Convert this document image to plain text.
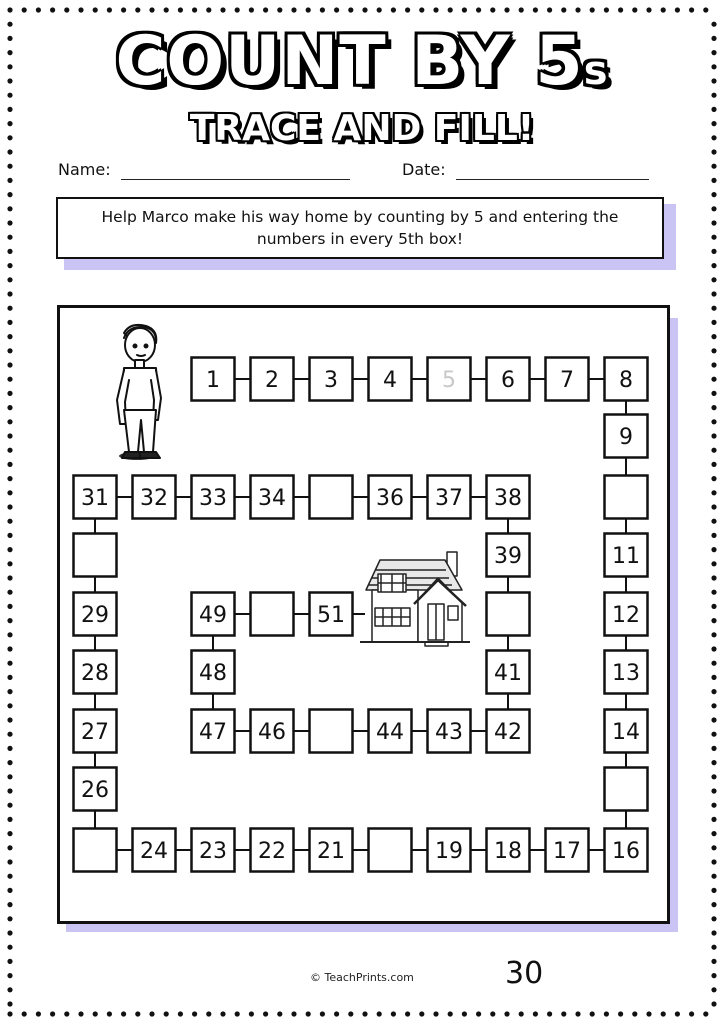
COUNT BY 5s
TRACE AND FILL!
Name:	Date:
Help Marco make his way home by counting by 5 and entering the
numbers in every 5th box!
1 2 3 4 5 6 7 8
9
11
12
13
14
16
17
18
19
21
22
23
24
26
27
28
29
31 32 33 34	36 37 38
39
41
42
43
44
46
47
48
49	51
© TeachPrints.com	30
